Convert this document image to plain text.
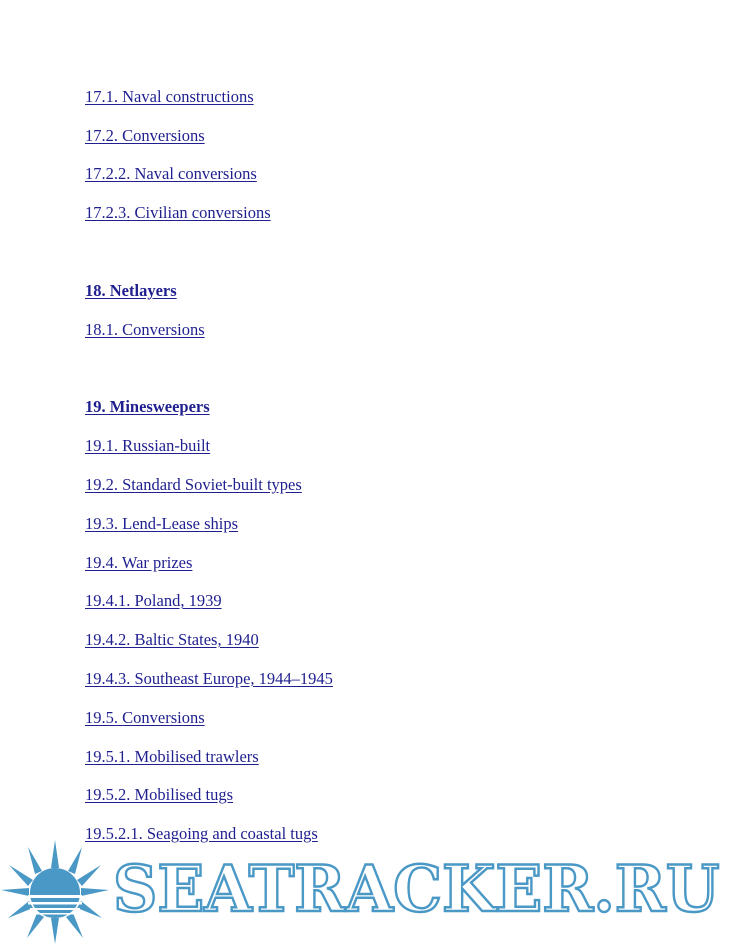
17.1. Naval constructions
17.2. Conversions
17.2.2. Naval conversions
17.2.3. Civilian conversions
18. Netlayers
18.1. Conversions
19. Minesweepers
19.1. Russian-built
19.2. Standard Soviet-built types
19.3. Lend-Lease ships
19.4. War prizes
19.4.1. Poland, 1939
19.4.2. Baltic States, 1940
19.4.3. Southeast Europe, 1944–1945
19.5. Conversions
19.5.1. Mobilised trawlers
19.5.2. Mobilised tugs
19.5.2.1. Seagoing and coastal tugs
SEATRACKER.RU
